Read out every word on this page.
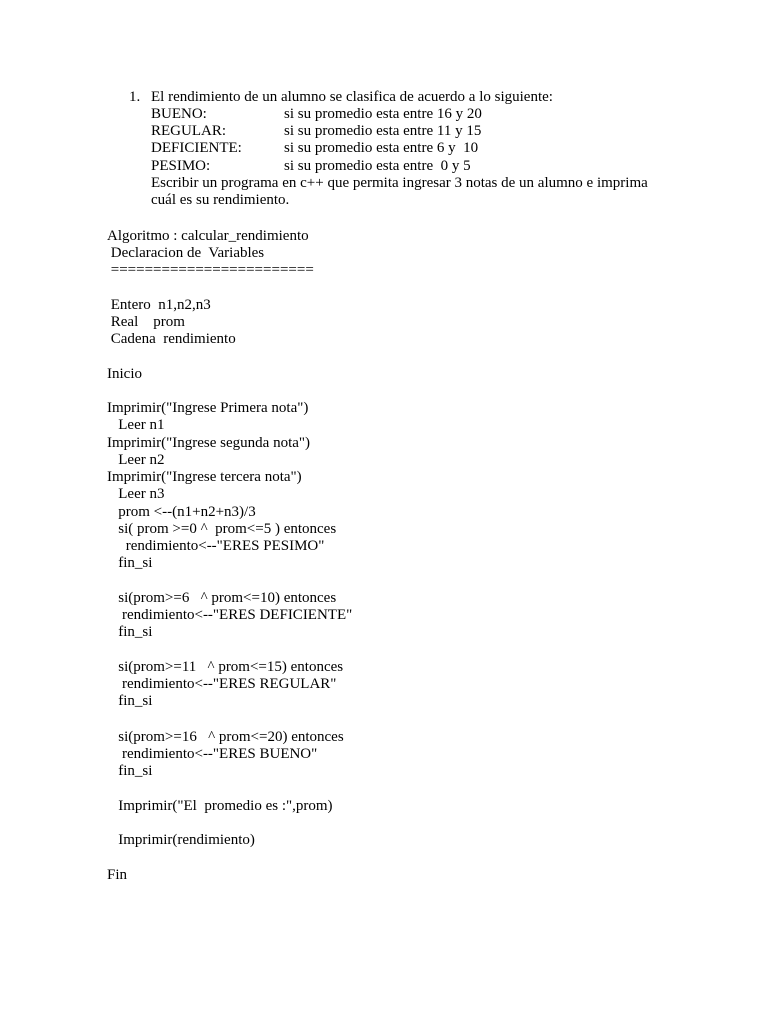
1. El rendimiento de un alumno se clasifica de acuerdo a lo siguiente:
BUENO:	si su promedio esta entre 16 y 20
REGULAR:	si su promedio esta entre 11 y 15
DEFICIENTE:	si su promedio esta entre 6 y  10
PESIMO:	si su promedio esta entre  0 y 5
Escribir un programa en c++ que permita ingresar 3 notas de un alumno e imprima
cuál es su rendimiento.
Algoritmo : calcular_rendimiento
Declaracion de  Variables
========================
Entero  n1,n2,n3
Real    prom
Cadena  rendimiento
Inicio
Imprimir("Ingrese Primera nota")
Leer n1
Imprimir("Ingrese segunda nota")
Leer n2
Imprimir("Ingrese tercera nota")
Leer n3
prom <--(n1+n2+n3)/3
si( prom >=0 ^  prom<=5 ) entonces
rendimiento<--"ERES PESIMO"
fin_si
si(prom>=6   ^ prom<=10) entonces
rendimiento<--"ERES DEFICIENTE"
fin_si
si(prom>=11   ^ prom<=15) entonces
rendimiento<--"ERES REGULAR"
fin_si
si(prom>=16   ^ prom<=20) entonces
rendimiento<--"ERES BUENO"
fin_si
Imprimir("El  promedio es :",prom)
Imprimir(rendimiento)
Fin
